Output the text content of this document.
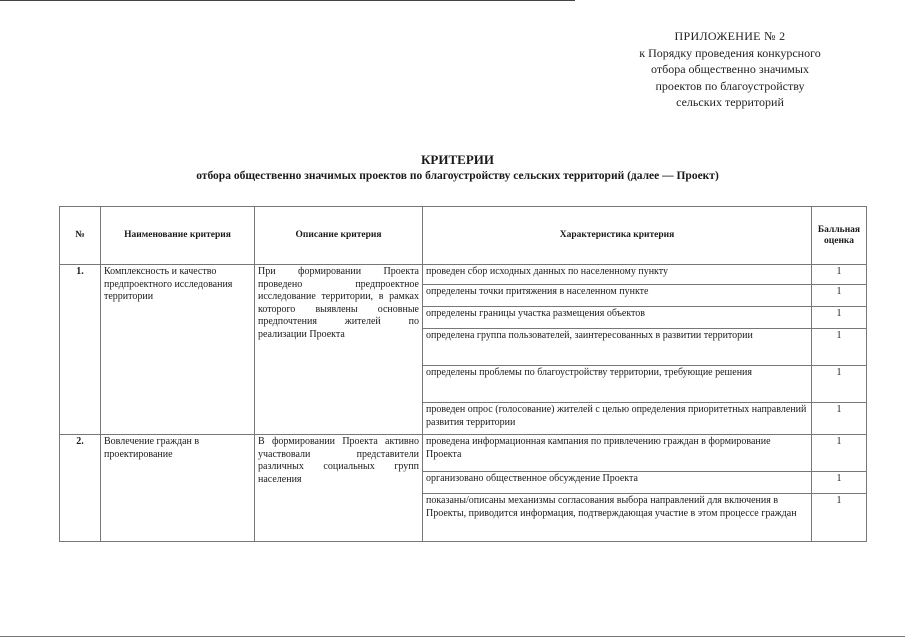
ПРИЛОЖЕНИЕ № 2
к Порядку проведения конкурсного
отбора общественно значимых
проектов по благоустройству
сельских территорий
КРИТЕРИИ
отбора общественно значимых проектов по благоустройству сельских территорий (далее — Проект)
№	Наименование критерия	Описание критерия	Характеристика критерия	Балльная оценка
1.	Комплексность и качество предпроектного исследования территории	При формировании Проекта проведено предпроектное исследование территории, в рамках которого выявлены основные предпочтения жителей по реализации Проекта	проведен сбор исходных данных по населенному пункту	1
			определены точки притяжения в населенном пункте	1
			определены границы участка размещения объектов	1
			определена группа пользователей, заинтересованных в развитии территории	1
			определены проблемы по благоустройству территории, требующие решения	1
			проведен опрос (голосование) жителей с целью определения приоритетных направлений развития территории	1
2.	Вовлечение граждан в проектирование	В формировании Проекта активно участвовали представители различных социальных групп населения	проведена информационная кампания по привлечению граждан в формирование Проекта	1
			организовано общественное обсуждение Проекта	1
			показаны/описаны механизмы согласования выбора направлений для включения в Проекты, приводится информация, подтверждающая участие в этом процессе граждан	1
